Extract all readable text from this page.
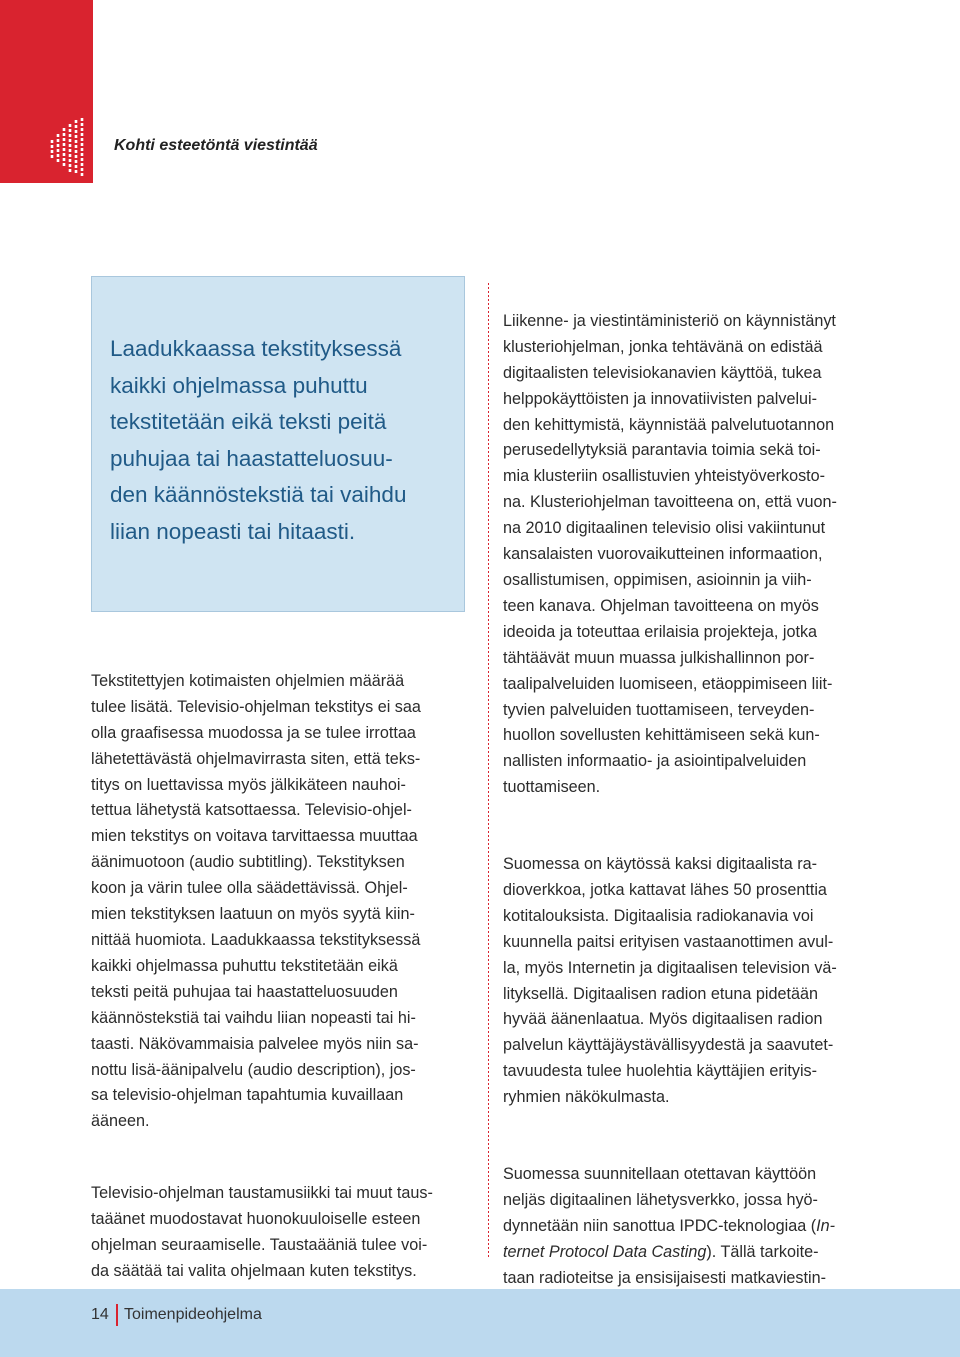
Kohti esteetöntä viestintää
Laadukkaassa tekstityksessä
kaikki ohjelmassa puhuttu
tekstitetään eikä teksti peitä
puhujaa tai haastatteluosuu-
den käännöstekstiä tai vaihdu
liian nopeasti tai hitaasti.

Tekstitettyjen kotimaisten ohjelmien määrää
tulee lisätä. Televisio-ohjelman tekstitys ei saa
olla graafisessa muodossa ja se tulee irrottaa
lähetettävästä ohjelmavirrasta siten, että teks-
titys on luettavissa myös jälkikäteen nauhoi-
tettua lähetystä katsottaessa. Televisio-ohjel-
mien tekstitys on voitava tarvittaessa muuttaa
äänimuotoon (audio subtitling). Tekstityksen
koon ja värin tulee olla säädettävissä. Ohjel-
mien tekstityksen laatuun on myös syytä kiin-
nittää huomiota. Laadukkaassa tekstityksessä
kaikki ohjelmassa puhuttu tekstitetään eikä
teksti peitä puhujaa tai haastatteluosuuden
käännöstekstiä tai vaihdu liian nopeasti tai hi-
taasti. Näkövammaisia palvelee myös niin sa-
nottu lisä-äänipalvelu (audio description), jos-
sa televisio-ohjelman tapahtumia kuvaillaan
ääneen.

Televisio-ohjelman taustamusiikki tai muut taus-
taäänet muodostavat huonokuuloiselle esteen
ohjelman seuraamiselle. Taustaääniä tulee voi-
da säätää tai valita ohjelmaan kuten tekstitys.

Liikenne- ja viestintäministeriö on käynnistänyt
klusteriohjelman, jonka tehtävänä on edistää
digitaalisten televisiokanavien käyttöä, tukea
helppokäyttöisten ja innovatiivisten palvelui-
den kehittymistä, käynnistää palvelutuotannon
perusedellytyksiä parantavia toimia sekä toi-
mia klusteriin osallistuvien yhteistyöverkosto-
na. Klusteriohjelman tavoitteena on, että vuon-
na 2010 digitaalinen televisio olisi vakiintunut
kansalaisten vuorovaikutteinen informaation,
osallistumisen, oppimisen, asioinnin ja viih-
teen kanava. Ohjelman tavoitteena on myös
ideoida ja toteuttaa erilaisia projekteja, jotka
tähtäävät muun muassa julkishallinnon por-
taalipalveluiden luomiseen, etäoppimiseen liit-
tyvien palveluiden tuottamiseen, terveyden-
huollon sovellusten kehittämiseen sekä kun-
nallisten informaatio- ja asiointipalveluiden
tuottamiseen.

Suomessa on käytössä kaksi digitaalista ra-
dioverkkoa, jotka kattavat lähes 50 prosenttia
kotitalouksista. Digitaalisia radiokanavia voi
kuunnella paitsi erityisen vastaanottimen avul-
la, myös Internetin ja digitaalisen television vä-
lityksellä. Digitaalisen radion etuna pidetään
hyvää äänenlaatua. Myös digitaalisen radion
palvelun käyttäjäystävällisyydestä ja saavutet-
tavuudesta tulee huolehtia käyttäjien erityis-
ryhmien näkökulmasta.

Suomessa suunnitellaan otettavan käyttöön
neljäs digitaalinen lähetysverkko, jossa hyö-
dynnetään niin sanottua IPDC-teknologiaa (In-
ternet Protocol Data Casting). Tällä tarkoite-
taan radioteitse ja ensisijaisesti matkaviestin-

14 Toimenpideohjelma
